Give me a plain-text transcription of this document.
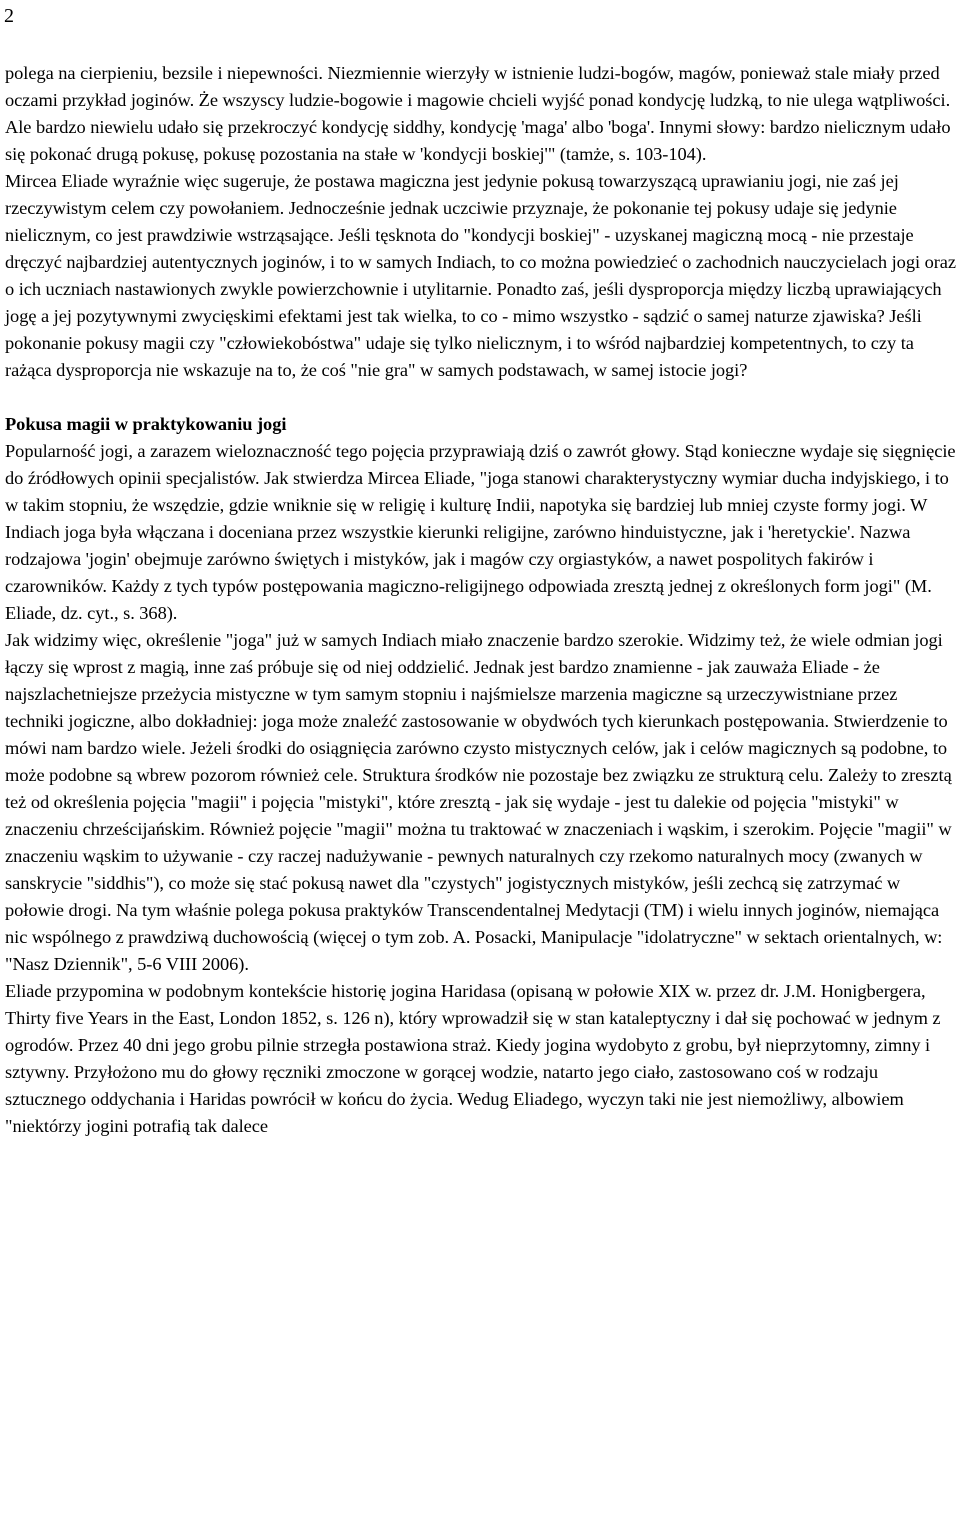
2

polega na cierpieniu, bezsile i niepewności. Niezmiennie wierzyły w istnienie ludzi-bogów, magów, ponieważ stale miały przed oczami przykład joginów. Że wszyscy ludzie-bogowie i magowie chcieli wyjść ponad kondycję ludzką, to nie ulega wątpliwości. Ale bardzo niewielu udało się przekroczyć kondycję siddhy, kondycję 'maga' albo 'boga'. Innymi słowy: bardzo nielicznym udało się pokonać drugą pokusę, pokusę pozostania na stałe w 'kondycji boskiej'" (tamże, s. 103-104).

Mircea Eliade wyraźnie więc sugeruje, że postawa magiczna jest jedynie pokusą towarzyszącą uprawianiu jogi, nie zaś jej rzeczywistym celem czy powołaniem. Jednocześnie jednak uczciwie przyznaje, że pokonanie tej pokusy udaje się jedynie nielicznym, co jest prawdziwie wstrząsające. Jeśli tęsknota do "kondycji boskiej" - uzyskanej magiczną mocą - nie przestaje dręczyć najbardziej autentycznych joginów, i to w samych Indiach, to co można powiedzieć o zachodnich nauczycielach jogi oraz o ich uczniach nastawionych zwykle powierzchownie i utylitarnie. Ponadto zaś, jeśli dysproporcja między liczbą uprawiających jogę a jej pozytywnymi zwycięskimi efektami jest tak wielka, to co - mimo wszystko - sądzić o samej naturze zjawiska? Jeśli pokonanie pokusy magii czy "człowiekobóstwa" udaje się tylko nielicznym, i to wśród najbardziej kompetentnych, to czy ta rażąca dysproporcja nie wskazuje na to, że coś "nie gra" w samych podstawach, w samej istocie jogi?

Pokusa magii w praktykowaniu jogi

Popularność jogi, a zarazem wieloznaczność tego pojęcia przyprawiają dziś o zawrót głowy. Stąd konieczne wydaje się sięgnięcie do źródłowych opinii specjalistów. Jak stwierdza Mircea Eliade, "joga stanowi charakterystyczny wymiar ducha indyjskiego, i to w takim stopniu, że wszędzie, gdzie wniknie się w religię i kulturę Indii, napotyka się bardziej lub mniej czyste formy jogi. W Indiach joga była włączana i doceniana przez wszystkie kierunki religijne, zarówno hinduistyczne, jak i 'heretyckie'. Nazwa rodzajowa 'jogin' obejmuje zarówno świętych i mistyków, jak i magów czy orgiastyków, a nawet pospolitych fakirów i czarowników. Każdy z tych typów postępowania magiczno-religijnego odpowiada zresztą jednej z określonych form jogi" (M. Eliade, dz. cyt., s. 368).

Jak widzimy więc, określenie "joga" już w samych Indiach miało znaczenie bardzo szerokie. Widzimy też, że wiele odmian jogi łączy się wprost z magią, inne zaś próbuje się od niej oddzielić. Jednak jest bardzo znamienne - jak zauważa Eliade - że najszlachetniejsze przeżycia mistyczne w tym samym stopniu i najśmielsze marzenia magiczne są urzeczywistniane przez techniki jogiczne, albo dokładniej: joga może znaleźć zastosowanie w obydwóch tych kierunkach postępowania. Stwierdzenie to mówi nam bardzo wiele. Jeżeli środki do osiągnięcia zarówno czysto mistycznych celów, jak i celów magicznych są podobne, to może podobne są wbrew pozorom również cele. Struktura środków nie pozostaje bez związku ze strukturą celu. Zależy to zresztą też od określenia pojęcia "magii" i pojęcia "mistyki", które zresztą - jak się wydaje - jest tu dalekie od pojęcia "mistyki" w znaczeniu chrześcijańskim. Również pojęcie "magii" można tu traktować w znaczeniach i wąskim, i szerokim. Pojęcie "magii" w znaczeniu wąskim to używanie - czy raczej nadużywanie - pewnych naturalnych czy rzekomo naturalnych mocy (zwanych w sanskrycie "siddhis"), co może się stać pokusą nawet dla "czystych" jogistycznych mistyków, jeśli zechcą się zatrzymać w połowie drogi. Na tym właśnie polega pokusa praktyków Transcendentalnej Medytacji (TM) i wielu innych joginów, niemająca nic wspólnego z prawdziwą duchowością (więcej o tym zob. A. Posacki, Manipulacje "idolatryczne" w sektach orientalnych, w: "Nasz Dziennik", 5-6 VIII 2006).

Eliade przypomina w podobnym kontekście historię jogina Haridasa (opisaną w połowie XIX w. przez dr. J.M. Honigbergera, Thirty five Years in the East, London 1852, s. 126 n), który wprowadził się w stan kataleptyczny i dał się pochować w jednym z ogrodów. Przez 40 dni jego grobu pilnie strzegła postawiona straż. Kiedy jogina wydobyto z grobu, był nieprzytomny, zimny i sztywny. Przyłożono mu do głowy ręczniki zmoczone w gorącej wodzie, natarto jego ciało, zastosowano coś w rodzaju sztucznego oddychania i Haridas powrócił w końcu do życia. Wedug Eliadego, wyczyn taki nie jest niemożliwy, albowiem "niektórzy jogini potrafią tak dalece
